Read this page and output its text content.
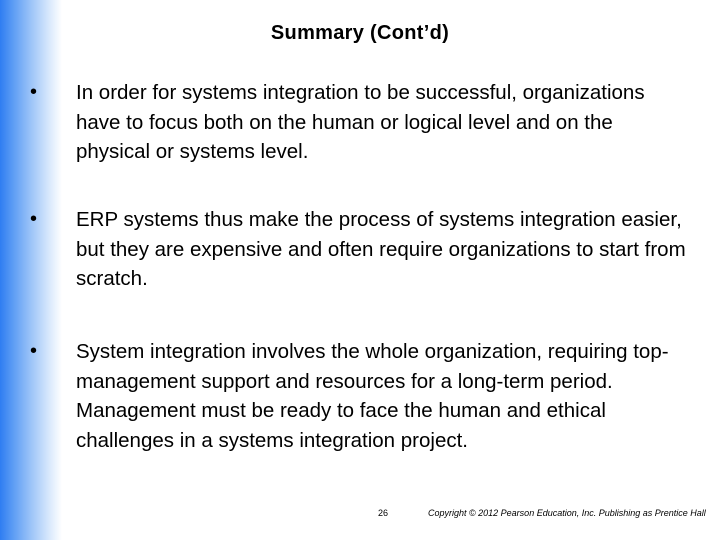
Summary (Cont’d)
•	In order for systems integration to be successful, organizations have to focus both on the human or logical level and on the physical or systems level.
•	ERP systems thus make the process of systems integration easier, but they are expensive and often require organizations to start from scratch.
•	System integration involves the whole organization, requiring top-management support and resources for a long-term period. Management must be ready to face the human and ethical challenges in a systems integration project.
26	Copyright © 2012 Pearson Education, Inc. Publishing as Prentice Hall
